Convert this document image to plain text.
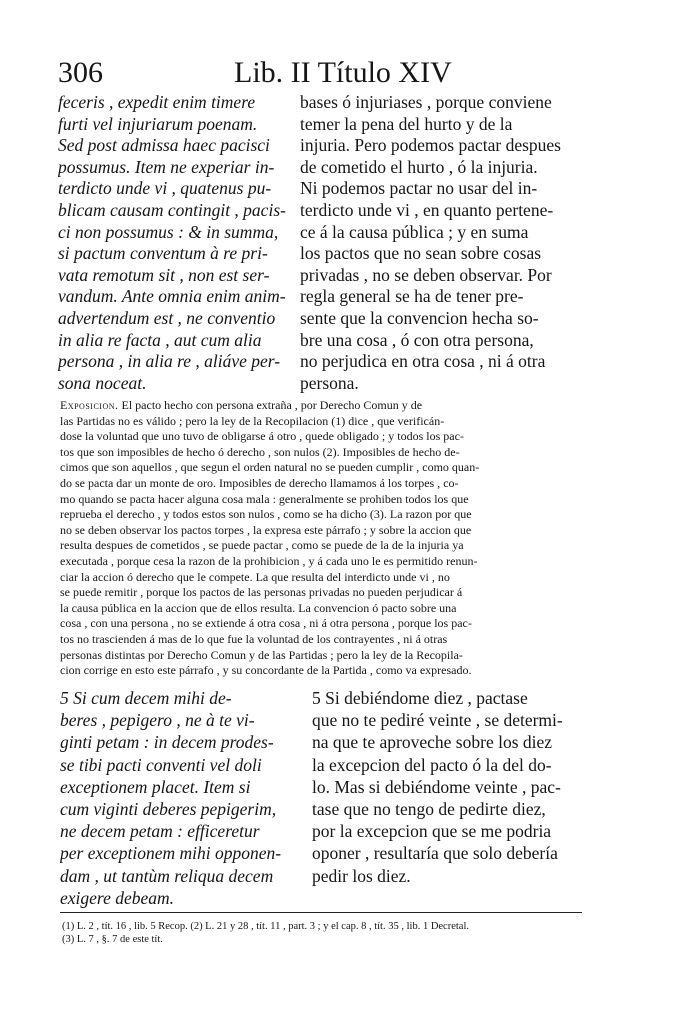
306	Lib. II Título XIV
feceris , expedit enim timere
furti vel injuriarum poenam.
Sed post admissa haec pacisci
possumus. Item ne experiar in-
terdicto unde vi , quatenus pu-
blicam causam contingit , pacis-
ci non possumus : & in summa,
si pactum conventum à re pri-
vata remotum sit , non est ser-
vandum. Ante omnia enim anim-
advertendum est , ne conventio
in alia re facta , aut cum alia
persona , in alia re , aliáve per-
sona noceat.
bases ó injuriases , porque conviene
temer la pena del hurto y de la
injuria. Pero podemos pactar despues
de cometido el hurto , ó la injuria.
Ni podemos pactar no usar del in-
terdicto unde vi , en quanto pertene-
ce á la causa pública ; y en suma
los pactos que no sean sobre cosas
privadas , no se deben observar. Por
regla general se ha de tener pre-
sente que la convencion hecha so-
bre una cosa , ó con otra persona,
no perjudica en otra cosa , ni á otra
persona.
Exposicion. El pacto hecho con persona extraña , por Derecho Comun y de
las Partidas no es válido ; pero la ley de la Recopilacion (1) dice , que verificán-
dose la voluntad que uno tuvo de obligarse á otro , quede obligado ; y todos los pac-
tos que son imposibles de hecho ó derecho , son nulos (2). Imposibles de hecho de-
cimos que son aquellos , que segun el orden natural no se pueden cumplir , como quan-
do se pacta dar un monte de oro. Imposibles de derecho llamamos á los torpes , co-
mo quando se pacta hacer alguna cosa mala : generalmente se prohiben todos los que
reprueba el derecho , y todos estos son nulos , como se ha dicho (3). La razon por que
no se deben observar los pactos torpes , la expresa este párrafo ; y sobre la accion que
resulta despues de cometidos , se puede pactar , como se puede de la de la injuria ya
executada , porque cesa la razon de la prohibicion , y á cada uno le es permitido renun-
ciar la accion ó derecho que le compete. La que resulta del interdicto unde vi , no
se puede remitir , porque los pactos de las personas privadas no pueden perjudicar á
la causa pública en la accion que de ellos resulta. La convencion ó pacto sobre una
cosa , con una persona , no se extiende á otra cosa , ni á otra persona , porque los pac-
tos no trascienden á mas de lo que fue la voluntad de los contrayentes , ni á otras
personas distintas por Derecho Comun y de las Partidas ; pero la ley de la Recopila-
cion corrige en esto este párrafo , y su concordante de la Partida , como va expresado.
5 Si cum decem mihi de-
beres , pepigero , ne à te vi-
ginti petam : in decem prodes-
se tibi pacti conventi vel doli
exceptionem placet. Item si
cum viginti deberes pepigerim,
ne decem petam : efficeretur
per exceptionem mihi opponen-
dam , ut tantùm reliqua decem
exigere debeam.
5 Si debiéndome diez , pactase
que no te pediré veinte , se determi-
na que te aproveche sobre los diez
la excepcion del pacto ó la del do-
lo. Mas si debiéndome veinte , pac-
tase que no tengo de pedirte diez,
por la excepcion que se me podria
oponer , resultaría que solo debería
pedir los diez.
(1) L. 2 , tít. 16 , lib. 5 Recop. (2) L. 21 y 28 , tít. 11 , part. 3 ; y el cap. 8 , tít. 35 , lib. 1 Decretal.
(3) L. 7 , §. 7 de este tít.
